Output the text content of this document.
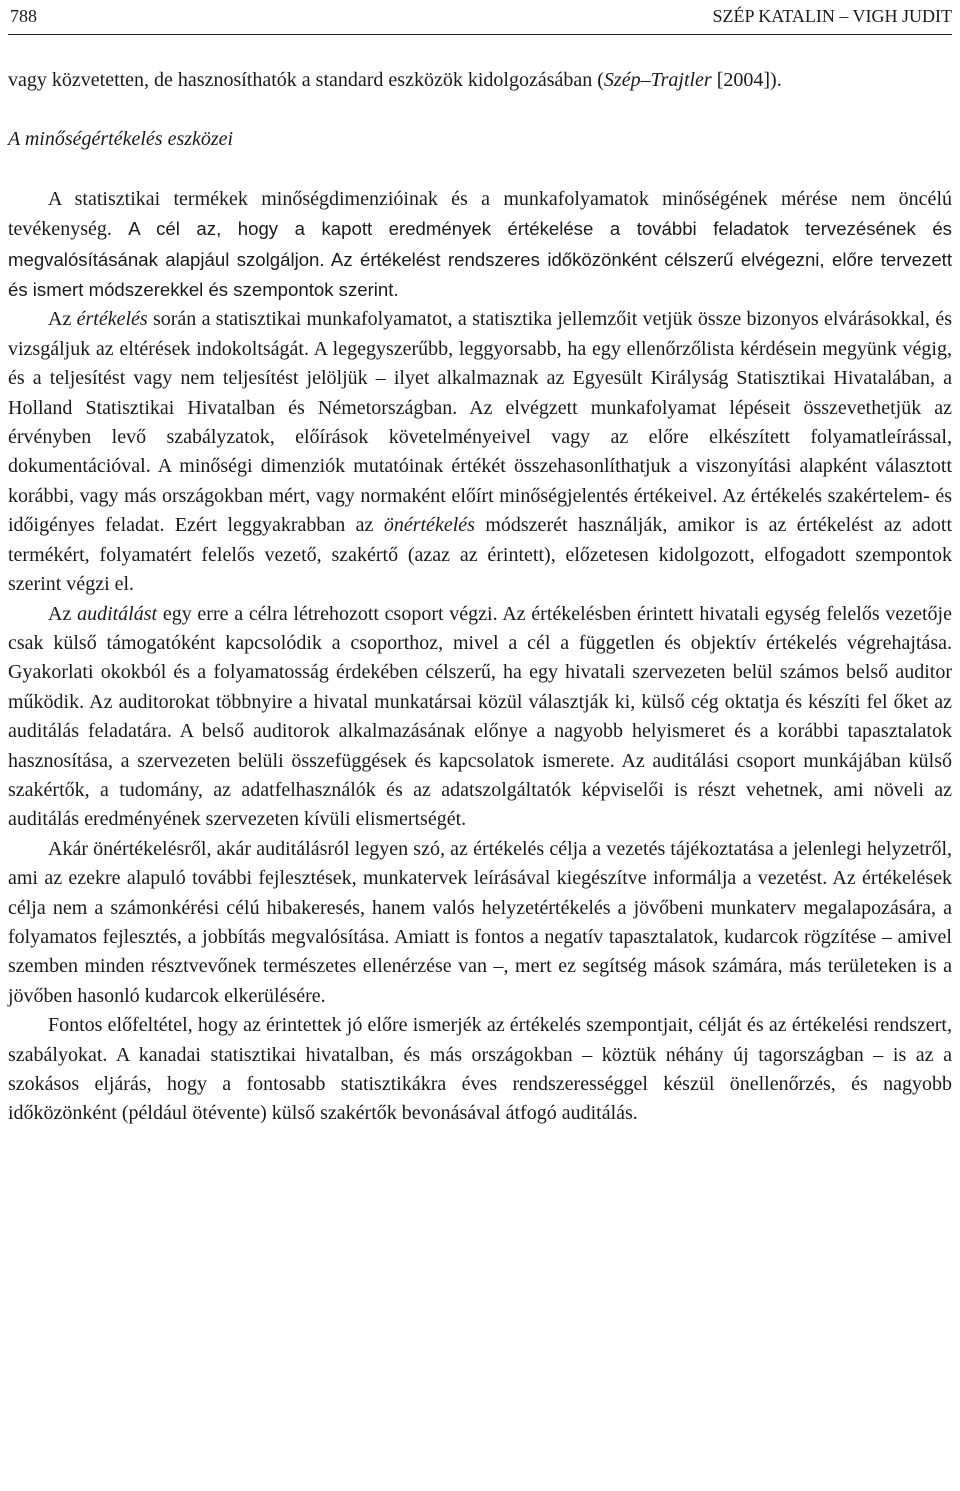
788	SZÉP KATALIN – VIGH JUDIT

vagy közvetetten, de hasznosíthatók a standard eszközök kidolgozásában (Szép–Trajtler [2004]).

A minőségértékelés eszközei

A statisztikai termékek minőségdimenzióinak és a munkafolyamatok minőségének mérése nem öncélú tevékenység. A cél az, hogy a kapott eredmények értékelése a további feladatok tervezésének és megvalósításának alapjául szolgáljon. Az értékelést rendszeres időközönként célszerű elvégezni, előre tervezett és ismert módszerekkel és szempontok szerint.

Az értékelés során a statisztikai munkafolyamatot, a statisztika jellemzőit vetjük össze bizonyos elvárásokkal, és vizsgáljuk az eltérések indokoltságát. A legegyszerűbb, leggyorsabb, ha egy ellenőrzőlista kérdésein megyünk végig, és a teljesítést vagy nem teljesítést jelöljük – ilyet alkalmaznak az Egyesült Királyság Statisztikai Hivatalában, a Holland Statisztikai Hivatalban és Németországban. Az elvégzett munkafolyamat lépéseit összevethetjük az érvényben levő szabályzatok, előírások követelményeivel vagy az előre elkészített folyamatleírással, dokumentációval. A minőségi dimenziók mutatóinak értékét összehasonlíthatjuk a viszonyítási alapként választott korábbi, vagy más országokban mért, vagy normaként előírt minőségjelentés értékeivel. Az értékelés szakértelem- és időigényes feladat. Ezért leggyakrabban az önértékelés módszerét használják, amikor is az értékelést az adott termékért, folyamatért felelős vezető, szakértő (azaz az érintett), előzetesen kidolgozott, elfogadott szempontok szerint végzi el.

Az auditálást egy erre a célra létrehozott csoport végzi. Az értékelésben érintett hivatali egység felelős vezetője csak külső támogatóként kapcsolódik a csoporthoz, mivel a cél a független és objektív értékelés végrehajtása. Gyakorlati okokból és a folyamatosság érdekében célszerű, ha egy hivatali szervezeten belül számos belső auditor működik. Az auditorokat többnyire a hivatal munkatársai közül választják ki, külső cég oktatja és készíti fel őket az auditálás feladatára. A belső auditorok alkalmazásának előnye a nagyobb helyismeret és a korábbi tapasztalatok hasznosítása, a szervezeten belüli összefüggések és kapcsolatok ismerete. Az auditálási csoport munkájában külső szakértők, a tudomány, az adatfelhasználók és az adatszolgáltatók képviselői is részt vehetnek, ami növeli az auditálás eredményének szervezeten kívüli elismertségét.

Akár önértékelésről, akár auditálásról legyen szó, az értékelés célja a vezetés tájékoztatása a jelenlegi helyzetről, ami az ezekre alapuló további fejlesztések, munkatervek leírásával kiegészítve informálja a vezetést. Az értékelések célja nem a számonkérési célú hibakeresés, hanem valós helyzetértékelés a jövőbeni munkaterv megalapozására, a folyamatos fejlesztés, a jobbítás megvalósítása. Amiatt is fontos a negatív tapasztalatok, kudarcok rögzítése – amivel szemben minden résztvevőnek természetes ellenérzése van –, mert ez segítség mások számára, más területeken is a jövőben hasonló kudarcok elkerülésére.

Fontos előfeltétel, hogy az érintettek jó előre ismerjék az értékelés szempontjait, célját és az értékelési rendszert, szabályokat. A kanadai statisztikai hivatalban, és más országokban – köztük néhány új tagországban – is az a szokásos eljárás, hogy a fontosabb statisztikákra éves rendszerességgel készül önellenőrzés, és nagyobb időközönként (például ötévente) külső szakértők bevonásával átfogó auditálás.
